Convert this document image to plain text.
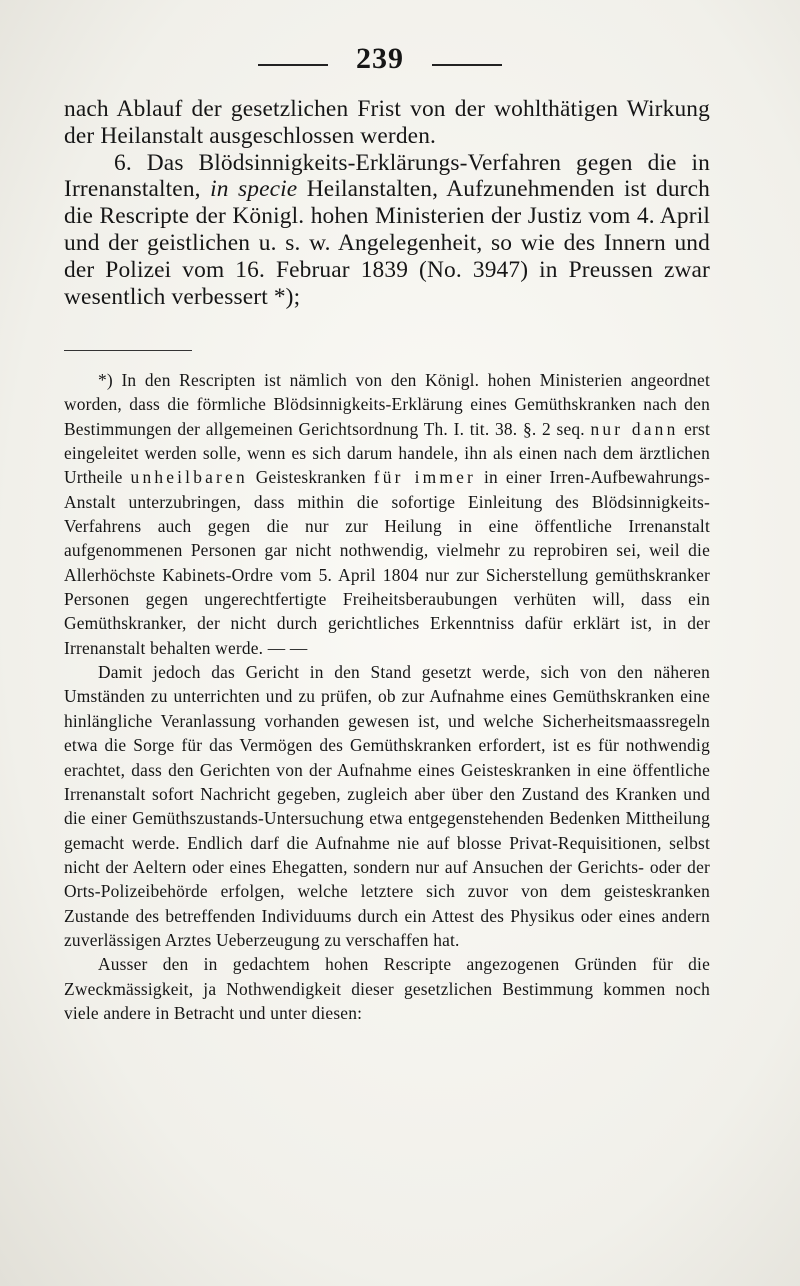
239

nach Ablauf der gesetzlichen Frist von der wohlthätigen Wirkung der Heilanstalt ausgeschlossen werden.

6. Das Blödsinnigkeits-Erklärungs-Verfahren gegen die in Irrenanstalten, in specie Heilanstalten, Aufzunehmenden ist durch die Rescripte der Königl. hohen Ministerien der Justiz vom 4. April und der geistlichen u. s. w. Angelegenheit, so wie des Innern und der Polizei vom 16. Februar 1839 (No. 3947) in Preussen zwar wesentlich verbessert *);

*) In den Rescripten ist nämlich von den Königl. hohen Ministerien angeordnet worden, dass die förmliche Blödsinnigkeits-Erklärung eines Gemüthskranken nach den Bestimmungen der allgemeinen Gerichtsordnung Th. I. tit. 38. §. 2 seq. nur dann erst eingeleitet werden solle, wenn es sich darum handele, ihn als einen nach dem ärztlichen Urtheile unheilbaren Geisteskranken für immer in einer Irren-Aufbewahrungs-Anstalt unterzubringen, dass mithin die sofortige Einleitung des Blödsinnigkeits-Verfahrens auch gegen die nur zur Heilung in eine öffentliche Irrenanstalt aufgenommenen Personen gar nicht nothwendig, vielmehr zu reprobiren sei, weil die Allerhöchste Kabinets-Ordre vom 5. April 1804 nur zur Sicherstellung gemüthskranker Personen gegen ungerechtfertigte Freiheitsberaubungen verhüten will, dass ein Gemüthskranker, der nicht durch gerichtliches Erkenntniss dafür erklärt ist, in der Irrenanstalt behalten werde. — —

Damit jedoch das Gericht in den Stand gesetzt werde, sich von den näheren Umständen zu unterrichten und zu prüfen, ob zur Aufnahme eines Gemüthskranken eine hinlängliche Veranlassung vorhanden gewesen ist, und welche Sicherheitsmaassregeln etwa die Sorge für das Vermögen des Gemüthskranken erfordert, ist es für nothwendig erachtet, dass den Gerichten von der Aufnahme eines Geisteskranken in eine öffentliche Irrenanstalt sofort Nachricht gegeben, zugleich aber über den Zustand des Kranken und die einer Gemüthszustands-Untersuchung etwa entgegenstehenden Bedenken Mittheilung gemacht werde. Endlich darf die Aufnahme nie auf blosse Privat-Requisitionen, selbst nicht der Aeltern oder eines Ehegatten, sondern nur auf Ansuchen der Gerichts- oder der Orts-Polizeibehörde erfolgen, welche letztere sich zuvor von dem geisteskranken Zustande des betreffenden Individuums durch ein Attest des Physikus oder eines andern zuverlässigen Arztes Ueberzeugung zu verschaffen hat.

Ausser den in gedachtem hohen Rescripte angezogenen Gründen für die Zweckmässigkeit, ja Nothwendigkeit dieser gesetzlichen Bestimmung kommen noch viele andere in Betracht und unter diesen:
